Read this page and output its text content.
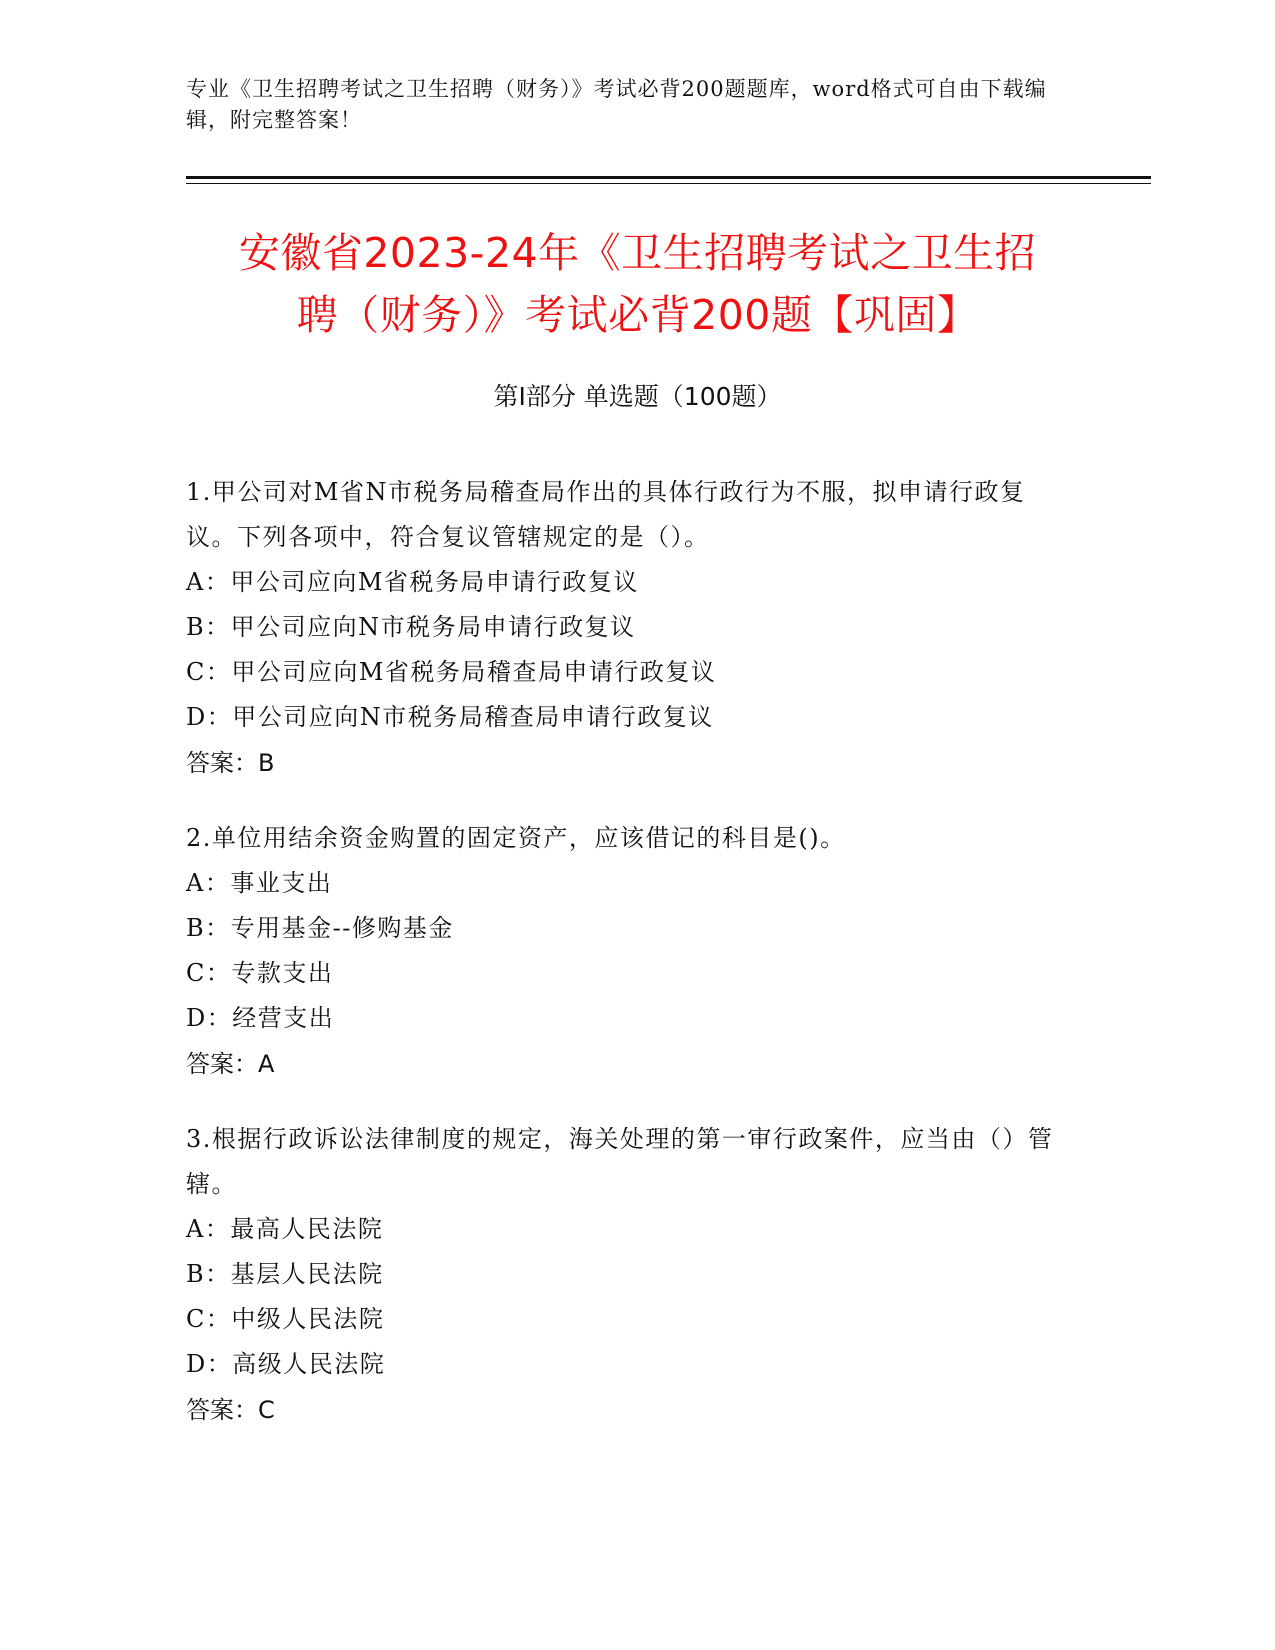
专业《卫生招聘考试之卫生招聘（财务）》考试必背200题题库，word格式可自由下载编辑，附完整答案！
安徽省2023-24年《卫生招聘考试之卫生招
聘（财务）》考试必背200题【巩固】
第Ⅰ部分 单选题（100题）
1.甲公司对M省N市税务局稽查局作出的具体行政行为不服，拟申请行政复议。下列各项中，符合复议管辖规定的是（）。
A：甲公司应向M省税务局申请行政复议
B：甲公司应向N市税务局申请行政复议
C：甲公司应向M省税务局稽查局申请行政复议
D：甲公司应向N市税务局稽查局申请行政复议
答案：B
2.单位用结余资金购置的固定资产，应该借记的科目是()。
A：事业支出
B：专用基金--修购基金
C：专款支出
D：经营支出
答案：A
3.根据行政诉讼法律制度的规定，海关处理的第一审行政案件，应当由（）管辖。
A：最高人民法院
B：基层人民法院
C：中级人民法院
D：高级人民法院
答案：C
